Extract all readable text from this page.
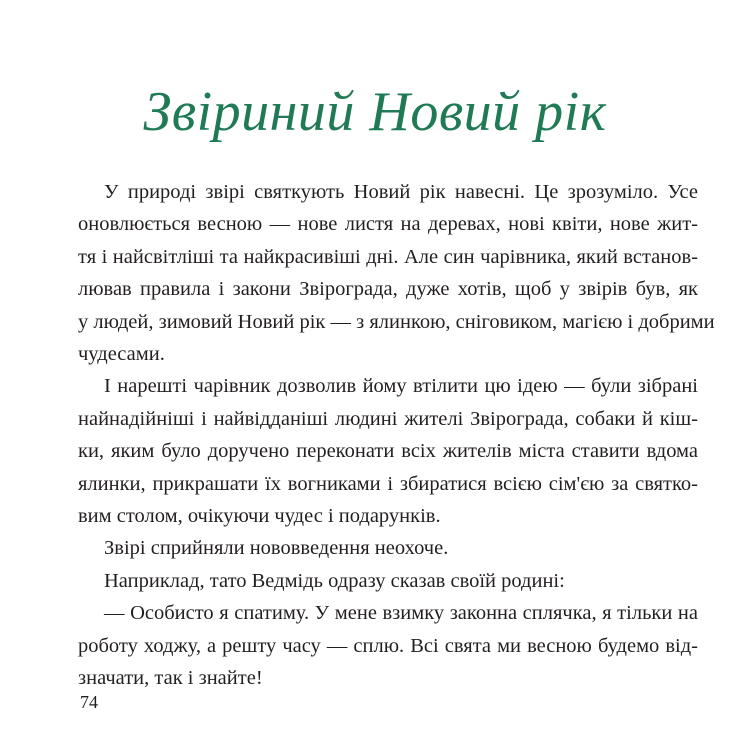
Звіриний Новий рік

У природі звірі святкують Новий рік навесні. Це зрозуміло. Усе

оновлюється весною — нове листя на деревах, нові квіти, нове жит-

тя і найсвітліші та найкрасивіші дні. Але син чарівника, який встанов-

лював правила і закони Звірограда, дуже хотів, щоб у звірів був, як

у людей, зимовий Новий рік — з ялинкою, сніговиком, магією і добрими

чудесами.

І нарешті чарівник дозволив йому втілити цю ідею — були зібрані

найнадійніші і найвідданіші людині жителі Звірограда, собаки й кіш-

ки, яким було доручено переконати всіх жителів міста ставити вдома

ялинки, прикрашати їх вогниками і збиратися всією сім'єю за святко-

вим столом, очікуючи чудес і подарунків.

Звірі сприйняли нововведення неохоче.

Наприклад, тато Ведмідь одразу сказав своїй родині:

— Особисто я спатиму. У мене взимку законна сплячка, я тільки на

роботу ходжу, а решту часу — сплю. Всі свята ми весною будемо від-

значати, так і знайте!

74
